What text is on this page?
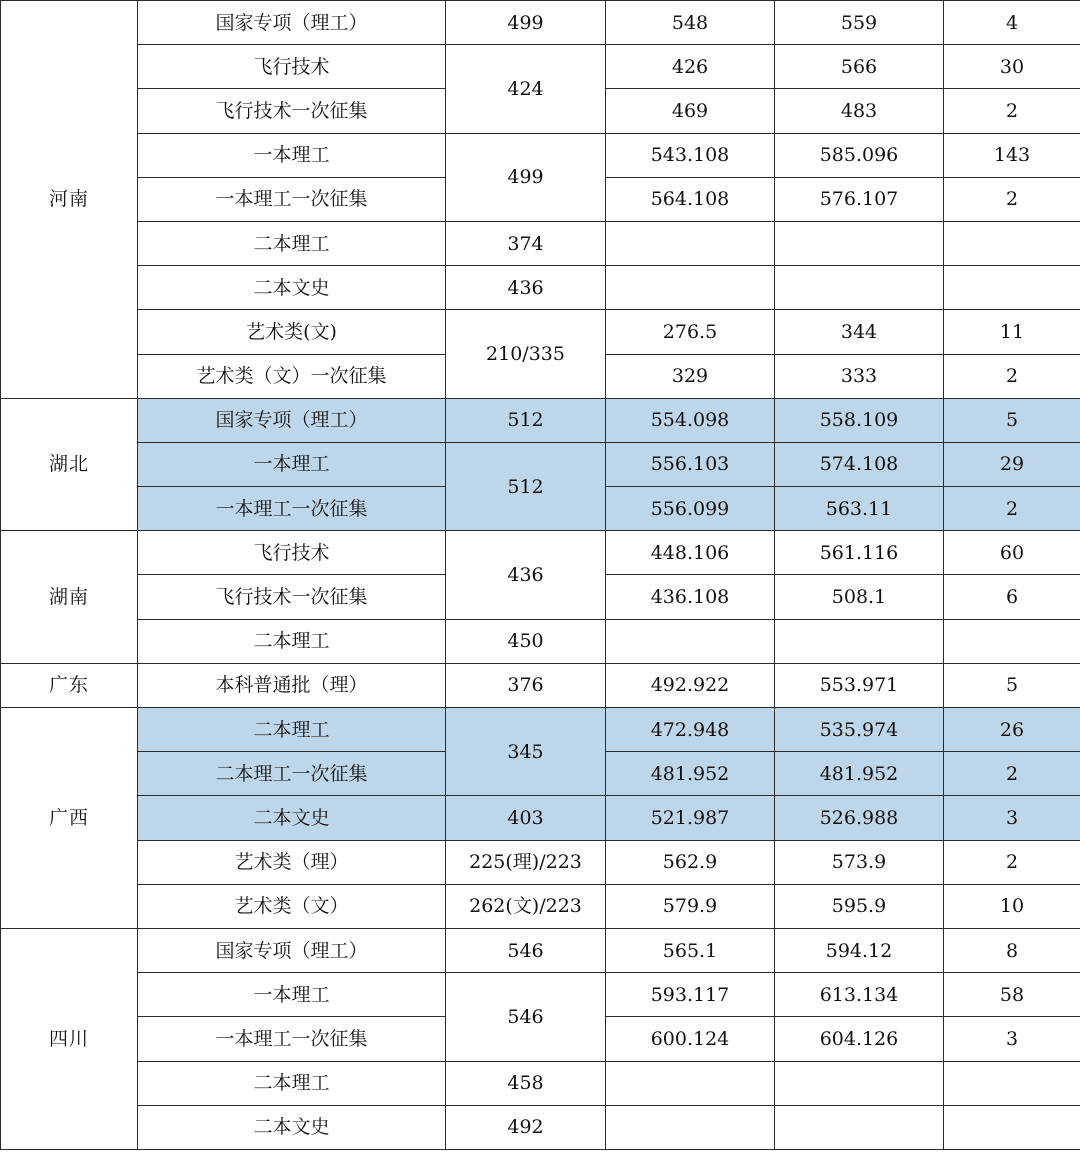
河南	国家专项（理工）	499	548	559	4
	飞行技术	424	426	566	30
	飞行技术一次征集		469	483	2
	一本理工	499	543.108	585.096	143
	一本理工一次征集		564.108	576.107	2
	二本理工	374			
	二本文史	436			
	艺术类(文)	210/335	276.5	344	11
	艺术类（文）一次征集		329	333	2
湖北	国家专项（理工）	512	554.098	558.109	5
	一本理工	512	556.103	574.108	29
	一本理工一次征集		556.099	563.11	2
湖南	飞行技术	436	448.106	561.116	60
	飞行技术一次征集		436.108	508.1	6
	二本理工	450			
广东	本科普通批（理）	376	492.922	553.971	5
广西	二本理工	345	472.948	535.974	26
	二本理工一次征集		481.952	481.952	2
	二本文史	403	521.987	526.988	3
	艺术类（理）	225(理)/223	562.9	573.9	2
	艺术类（文）	262(文)/223	579.9	595.9	10
四川	国家专项（理工）	546	565.1	594.12	8
	一本理工	546	593.117	613.134	58
	一本理工一次征集		600.124	604.126	3
	二本理工	458			
	二本文史	492			
